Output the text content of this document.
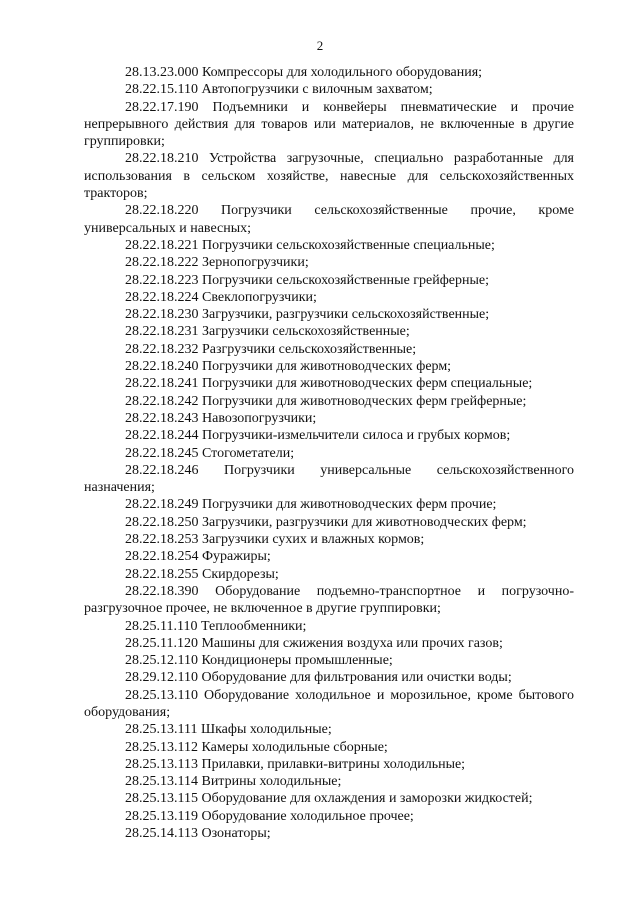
2
28.13.23.000 Компрессоры для холодильного оборудования;
28.22.15.110 Автопогрузчики с вилочным захватом;
28.22.17.190 Подъемники и конвейеры пневматические и прочие непрерывного действия для товаров или материалов, не включенные в другие группировки;
28.22.18.210 Устройства загрузочные, специально разработанные для использования в сельском хозяйстве, навесные для сельскохозяйственных тракторов;
28.22.18.220 Погрузчики сельскохозяйственные прочие, кроме универсальных и навесных;
28.22.18.221 Погрузчики сельскохозяйственные специальные;
28.22.18.222 Зернопогрузчики;
28.22.18.223 Погрузчики сельскохозяйственные грейферные;
28.22.18.224 Свеклопогрузчики;
28.22.18.230 Загрузчики, разгрузчики сельскохозяйственные;
28.22.18.231 Загрузчики сельскохозяйственные;
28.22.18.232 Разгрузчики сельскохозяйственные;
28.22.18.240 Погрузчики для животноводческих ферм;
28.22.18.241 Погрузчики для животноводческих ферм специальные;
28.22.18.242 Погрузчики для животноводческих ферм грейферные;
28.22.18.243 Навозопогрузчики;
28.22.18.244 Погрузчики-измельчители силоса и грубых кормов;
28.22.18.245 Стогометатели;
28.22.18.246 Погрузчики универсальные сельскохозяйственного назначения;
28.22.18.249 Погрузчики для животноводческих ферм прочие;
28.22.18.250 Загрузчики, разгрузчики для животноводческих ферм;
28.22.18.253 Загрузчики сухих и влажных кормов;
28.22.18.254 Фуражиры;
28.22.18.255 Скирдорезы;
28.22.18.390 Оборудование подъемно-транспортное и погрузочно-разгрузочное прочее, не включенное в другие группировки;
28.25.11.110 Теплообменники;
28.25.11.120 Машины для сжижения воздуха или прочих газов;
28.25.12.110 Кондиционеры промышленные;
28.29.12.110 Оборудование для фильтрования или очистки воды;
28.25.13.110 Оборудование холодильное и морозильное, кроме бытового оборудования;
28.25.13.111 Шкафы холодильные;
28.25.13.112 Камеры холодильные сборные;
28.25.13.113 Прилавки, прилавки-витрины холодильные;
28.25.13.114 Витрины холодильные;
28.25.13.115 Оборудование для охлаждения и заморозки жидкостей;
28.25.13.119 Оборудование холодильное прочее;
28.25.14.113 Озонаторы;
